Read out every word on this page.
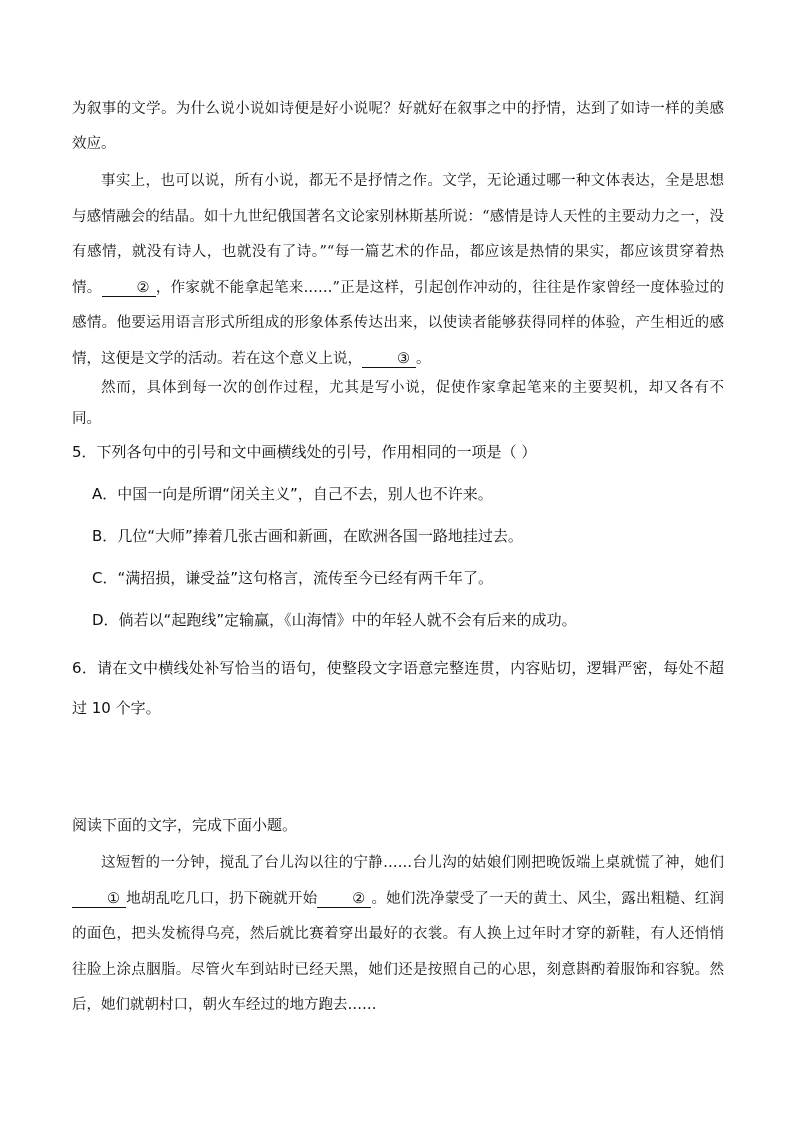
为叙事的文学。为什么说小说如诗便是好小说呢？好就好在叙事之中的抒情，达到了如诗一样的美感效应。

事实上，也可以说，所有小说，都无不是抒情之作。文学，无论通过哪一种文体表达，全是思想与感情融会的结晶。如十九世纪俄国著名文论家别林斯基所说：“感情是诗人天性的主要动力之一，没有感情，就没有诗人，也就没有了诗。”“每一篇艺术的作品，都应该是热情的果实，都应该贯穿着热情。 ② ，作家就不能拿起笔来……”正是这样，引起创作冲动的，往往是作家曾经一度体验过的感情。他要运用语言形式所组成的形象体系传达出来，以使读者能够获得同样的体验，产生相近的感情，这便是文学的活动。若在这个意义上说， ③ 。

然而，具体到每一次的创作过程，尤其是写小说，促使作家拿起笔来的主要契机，却又各有不同。

5．下列各句中的引号和文中画横线处的引号，作用相同的一项是（ ）

A．中国一向是所谓“闭关主义”，自己不去，别人也不许来。

B．几位“大师”捧着几张古画和新画，在欧洲各国一路地挂过去。

C．“满招损，谦受益”这句格言，流传至今已经有两千年了。

D．倘若以“起跑线”定输赢，《山海情》中的年轻人就不会有后来的成功。

6．请在文中横线处补写恰当的语句，使整段文字语意完整连贯，内容贴切，逻辑严密，每处不超过 10 个字。

阅读下面的文字，完成下面小题。

这短暂的一分钟，搅乱了台儿沟以往的宁静……台儿沟的姑娘们刚把晚饭端上桌就慌了神，她们① 地胡乱吃几口，扔下碗就开始 ② 。她们洗净蒙受了一天的黄土、风尘，露出粗糙、红润的面色，把头发梳得乌亮，然后就比赛着穿出最好的衣裳。有人换上过年时才穿的新鞋，有人还悄悄往脸上涂点胭脂。尽管火车到站时已经天黑，她们还是按照自己的心思，刻意斟酌着服饰和容貌。然后，她们就朝村口，朝火车经过的地方跑去……
